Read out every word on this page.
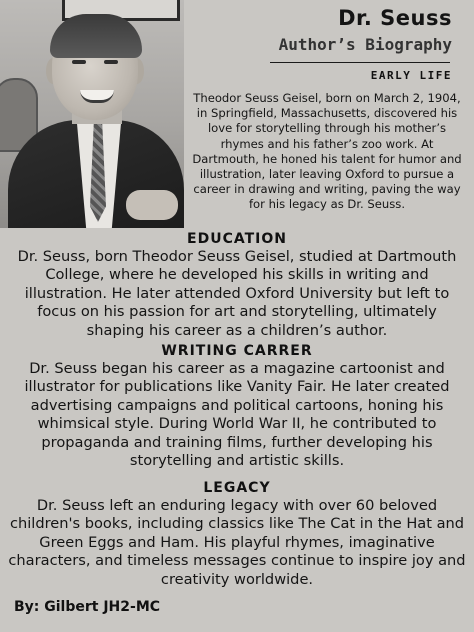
Dr. Seuss
Author’s Biography
EARLY LIFE

Theodor Seuss Geisel, born on March 2, 1904, in Springfield, Massachusetts, discovered his love for storytelling through his mother’s rhymes and his father’s zoo work. At Dartmouth, he honed his talent for humor and illustration, later leaving Oxford to pursue a career in drawing and writing, paving the way for his legacy as Dr. Seuss.

EDUCATION

Dr. Seuss, born Theodor Seuss Geisel, studied at Dartmouth College, where he developed his skills in writing and illustration. He later attended Oxford University but left to focus on his passion for art and storytelling, ultimately shaping his career as a children’s author.

WRITING CARRER

Dr. Seuss began his career as a magazine cartoonist and illustrator for publications like Vanity Fair. He later created advertising campaigns and political cartoons, honing his whimsical style. During World War II, he contributed to propaganda and training films, further developing his storytelling and artistic skills.

LEGACY

Dr. Seuss left an enduring legacy with over 60 beloved children's books, including classics like The Cat in the Hat and Green Eggs and Ham. His playful rhymes, imaginative characters, and timeless messages continue to inspire joy and creativity worldwide.

By: Gilbert JH2-MC
